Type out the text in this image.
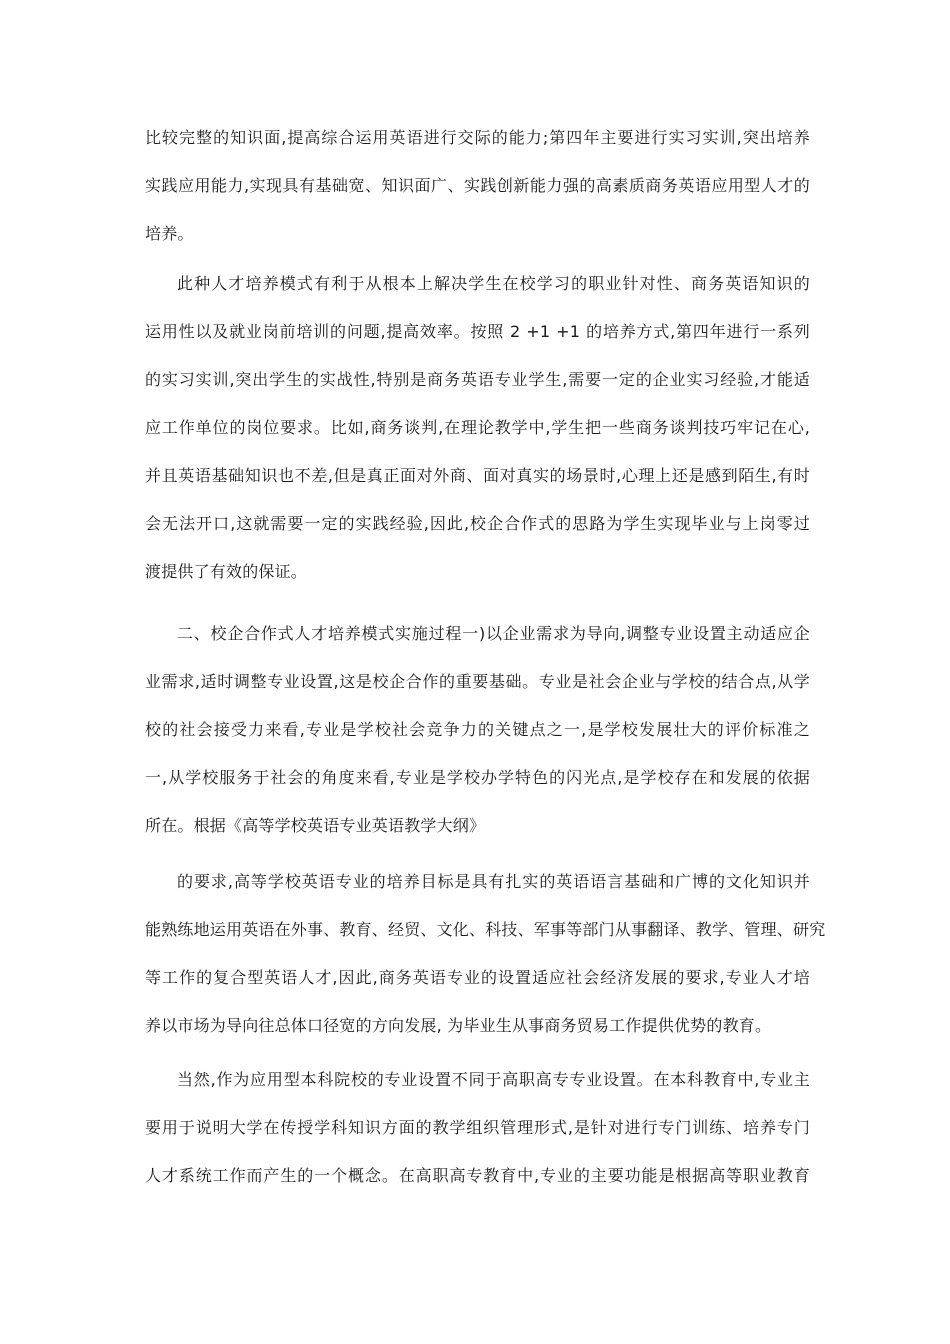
比较完整的知识面,提高综合运用英语进行交际的能力;第四年主要进行实习实训,突出培养
实践应用能力,实现具有基础宽、知识面广、实践创新能力强的高素质商务英语应用型人才的
培养。
此种人才培养模式有利于从根本上解决学生在校学习的职业针对性、商务英语知识的
运用性以及就业岗前培训的问题,提高效率。按照 2 +1 +1 的培养方式,第四年进行一系列
的实习实训,突出学生的实战性,特别是商务英语专业学生,需要一定的企业实习经验,才能适
应工作单位的岗位要求。比如,商务谈判,在理论教学中,学生把一些商务谈判技巧牢记在心,
并且英语基础知识也不差,但是真正面对外商、面对真实的场景时,心理上还是感到陌生,有时
会无法开口,这就需要一定的实践经验,因此,校企合作式的思路为学生实现毕业与上岗零过
渡提供了有效的保证。
二、校企合作式人才培养模式实施过程一)以企业需求为导向,调整专业设置主动适应企
业需求,适时调整专业设置,这是校企合作的重要基础。专业是社会企业与学校的结合点,从学
校的社会接受力来看,专业是学校社会竞争力的关键点之一,是学校发展壮大的评价标准之
一,从学校服务于社会的角度来看,专业是学校办学特色的闪光点,是学校存在和发展的依据
所在。根据《高等学校英语专业英语教学大纲》
的要求,高等学校英语专业的培养目标是具有扎实的英语语言基础和广博的文化知识并
能熟练地运用英语在外事、教育、经贸、文化、科技、军事等部门从事翻译、教学、管理、研究
等工作的复合型英语人才,因此,商务英语专业的设置适应社会经济发展的要求,专业人才培
养以市场为导向往总体口径宽的方向发展, 为毕业生从事商务贸易工作提供优势的教育。
当然,作为应用型本科院校的专业设置不同于高职高专专业设置。在本科教育中,专业主
要用于说明大学在传授学科知识方面的教学组织管理形式,是针对进行专门训练、培养专门
人才系统工作而产生的一个概念。在高职高专教育中,专业的主要功能是根据高等职业教育
